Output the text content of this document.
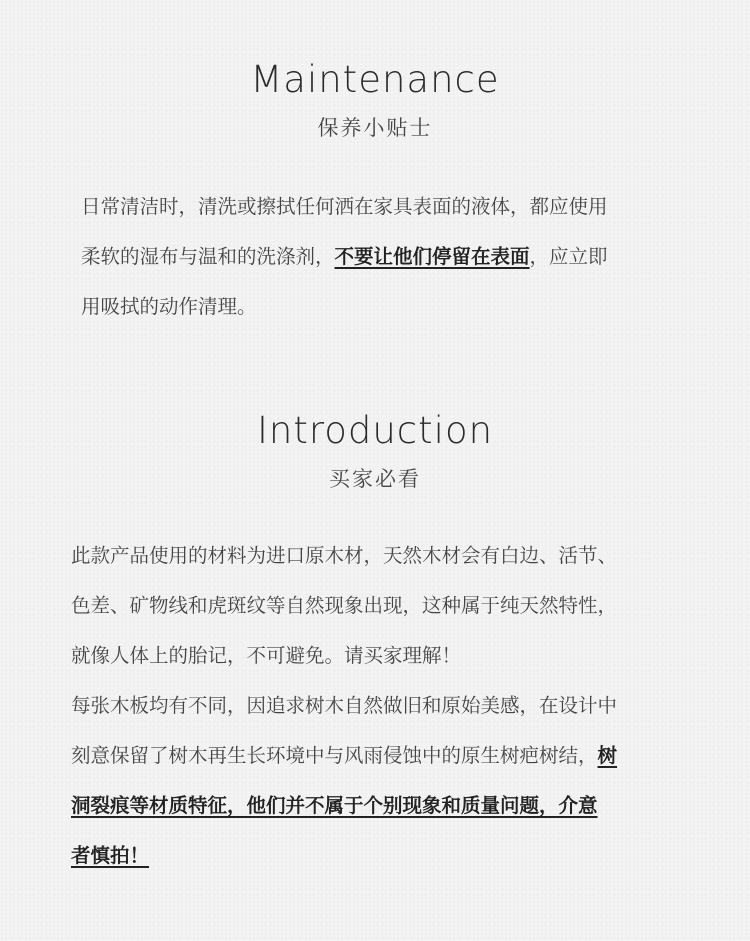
Maintenance
保养小贴士
日常清洁时，清洗或擦拭任何洒在家具表面的液体，都应使用
柔软的湿布与温和的洗涤剂，不要让他们停留在表面，应立即
用吸拭的动作清理。
Introduction
买家必看
此款产品使用的材料为进口原木材，天然木材会有白边、活节、
色差、矿物线和虎斑纹等自然现象出现，这种属于纯天然特性，
就像人体上的胎记，不可避免。请买家理解！
每张木板均有不同，因追求树木自然做旧和原始美感，在设计中
刻意保留了树木再生长环境中与风雨侵蚀中的原生树疤树结，树
洞裂痕等材质特征，他们并不属于个别现象和质量问题，介意
者慎拍！
